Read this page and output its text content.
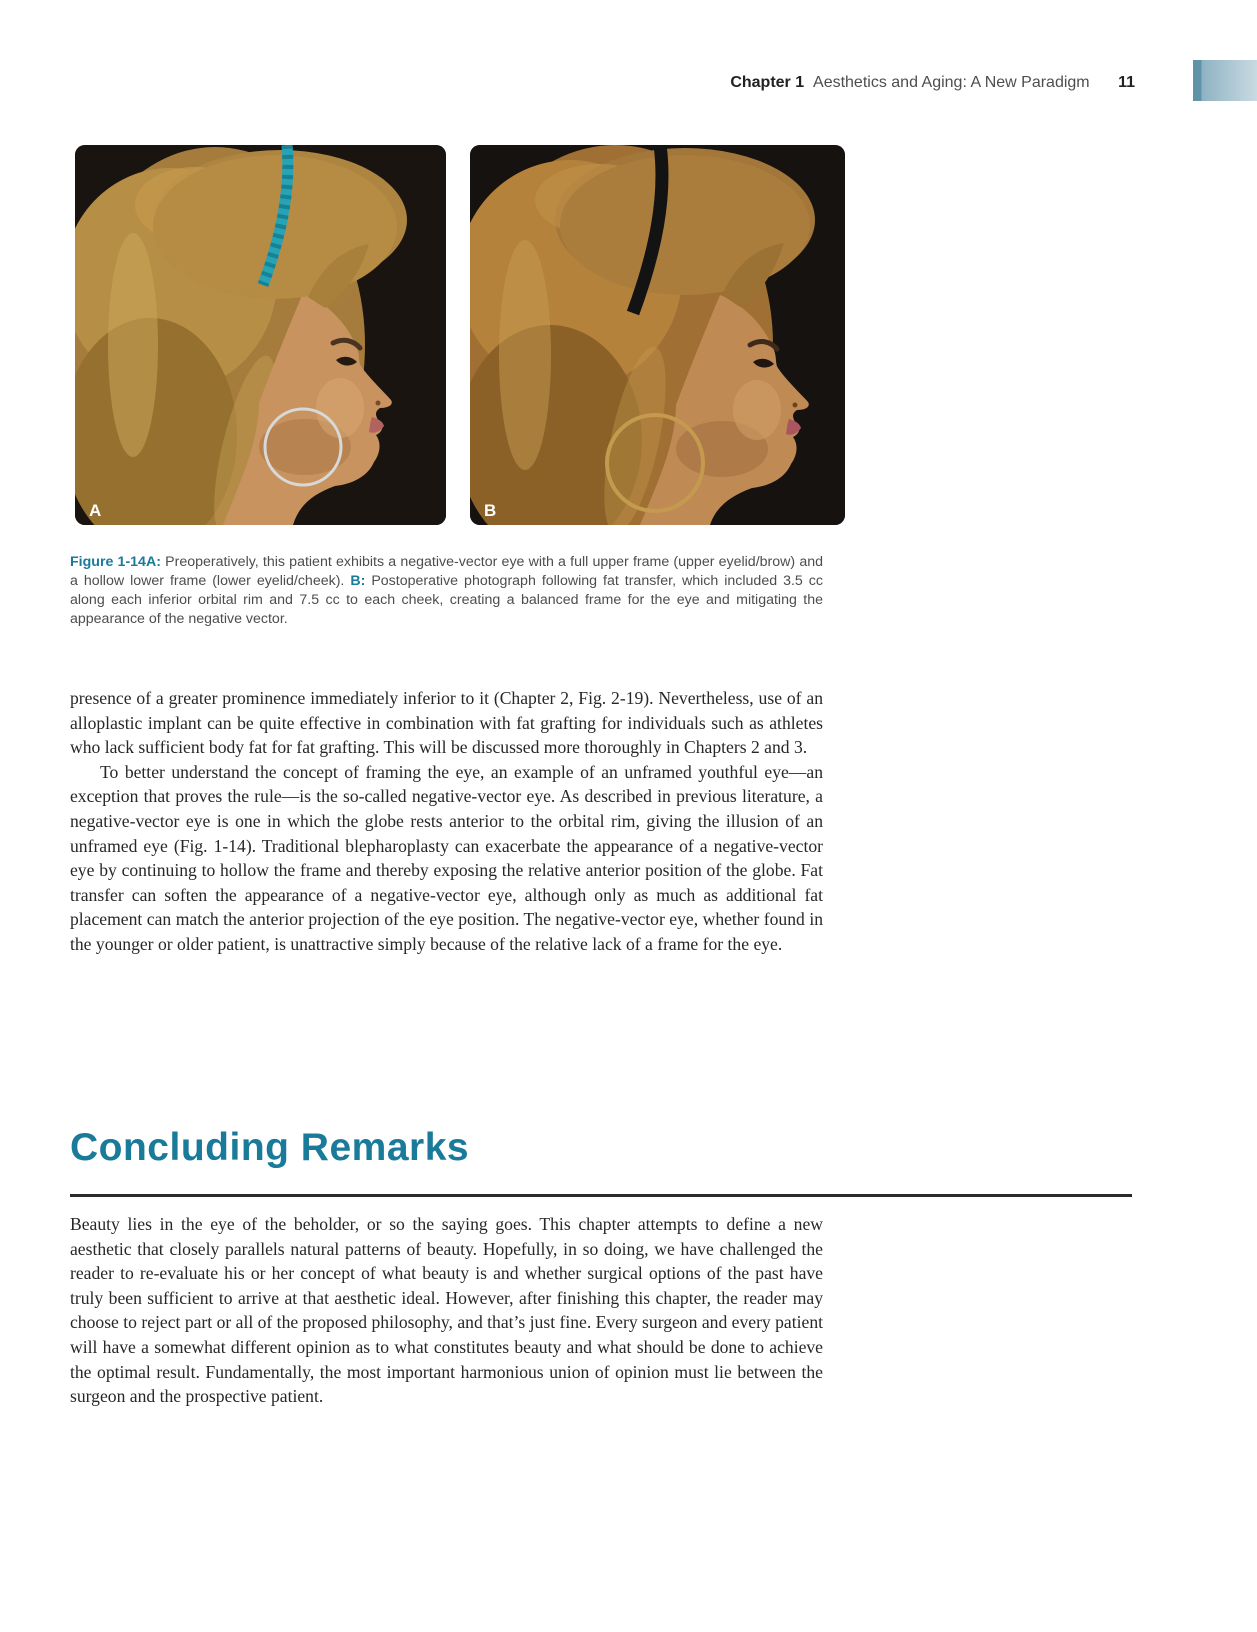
Chapter 1 Aesthetics and Aging: A New Paradigm 11
A	B

Figure 1-14A: Preoperatively, this patient exhibits a negative-vector eye with a full upper frame (upper eyelid/brow) and a hollow lower frame (lower eyelid/cheek). B: Postoperative photograph following fat transfer, which included 3.5 cc along each inferior orbital rim and 7.5 cc to each cheek, creating a balanced frame for the eye and mitigating the appearance of the negative vector.

presence of a greater prominence immediately inferior to it (Chapter 2, Fig. 2-19). Nevertheless, use of an alloplastic implant can be quite effective in combination with fat grafting for individuals such as athletes who lack sufficient body fat for fat grafting. This will be discussed more thoroughly in Chapters 2 and 3.

To better understand the concept of framing the eye, an example of an unframed youthful eye—an exception that proves the rule—is the so-called negative-vector eye. As described in previous literature, a negative-vector eye is one in which the globe rests anterior to the orbital rim, giving the illusion of an unframed eye (Fig. 1-14). Traditional blepharoplasty can exacerbate the appearance of a negative-vector eye by continuing to hollow the frame and thereby exposing the relative anterior position of the globe. Fat transfer can soften the appearance of a negative-vector eye, although only as much as additional fat placement can match the anterior projection of the eye position. The negative-vector eye, whether found in the younger or older patient, is unattractive simply because of the relative lack of a frame for the eye.

Concluding Remarks

Beauty lies in the eye of the beholder, or so the saying goes. This chapter attempts to define a new aesthetic that closely parallels natural patterns of beauty. Hopefully, in so doing, we have challenged the reader to re-evaluate his or her concept of what beauty is and whether surgical options of the past have truly been sufficient to arrive at that aesthetic ideal. However, after finishing this chapter, the reader may choose to reject part or all of the proposed philosophy, and that’s just fine. Every surgeon and every patient will have a somewhat different opinion as to what constitutes beauty and what should be done to achieve the optimal result. Fundamentally, the most important harmonious union of opinion must lie between the surgeon and the prospective patient.
